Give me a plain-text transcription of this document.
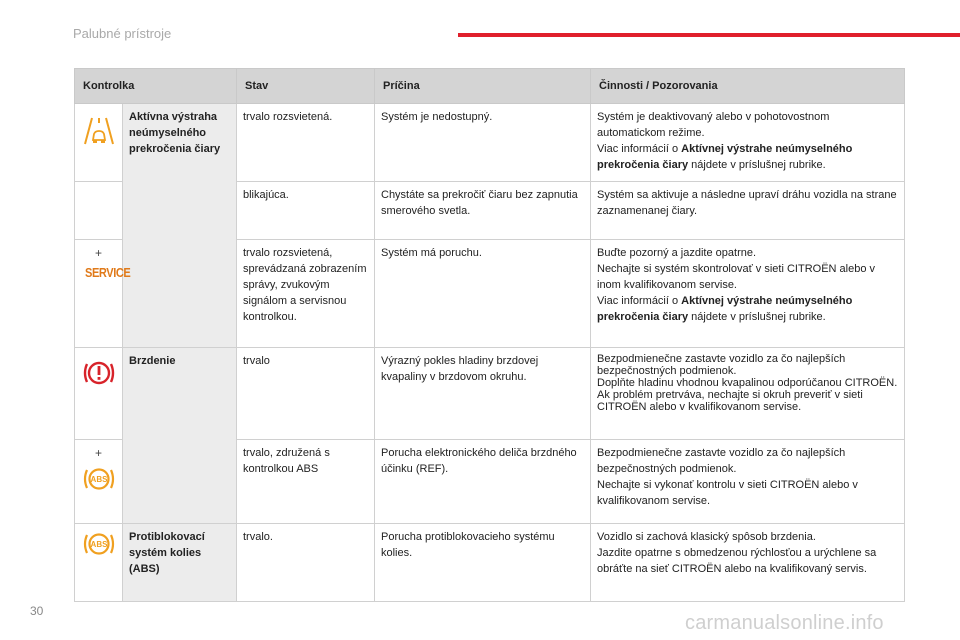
Palubné prístroje
Kontrolka		Stav	Príčina	Činnosti / Pozorovania
	Aktívna výstraha neúmyselného prekročenia čiary	trvalo rozsvietená.	Systém je nedostupný.	Systém je deaktivovaný alebo v pohotovostnom automatickom režime.
Viac informácií o Aktívnej výstrahe neúmyselného prekročenia čiary nájdete v príslušnej rubrike.

		blikajúca.	Chystáte sa prekročiť čiaru bez zapnutia smerového svetla.	Systém sa aktivuje a následne upraví dráhu vozidla na strane zaznamenanej čiary.

+
SERVICE		trvalo rozsvietená, sprevádzaná zobrazením správy, zvukovým signálom a servisnou kontrolkou.	Systém má poruchu.	Buďte pozorný a jazdite opatrne.
Nechajte si systém skontrolovať v sieti CITROËN alebo v inom kvalifikovanom servise.
Viac informácií o Aktívnej výstrahe neúmyselného prekročenia čiary nájdete v príslušnej rubrike.

	Brzdenie	trvalo	Výrazný pokles hladiny brzdovej kvapaliny v brzdovom okruhu.	Bezpodmienečne zastavte vozidlo za čo najlepších bezpečnostných podmienok.
Doplňte hladinu vhodnou kvapalinou odporúčanou CITROËN.
Ak problém pretrváva, nechajte si okruh preveriť v sieti CITROËN alebo v kvalifikovanom servise.

+
ABS		trvalo, združená s kontrolkou ABS	Porucha elektronického deliča brzdného účinku (REF).	Bezpodmienečne zastavte vozidlo za čo najlepších bezpečnostných podmienok.
Nechajte si vykonať kontrolu v sieti CITROËN alebo v kvalifikovanom servise.

ABS	Protiblokovací systém kolies (ABS)	trvalo.	Porucha protiblokovacieho systému kolies.	Vozidlo si zachová klasický spôsob brzdenia.
Jazdite opatrne s obmedzenou rýchlosťou a urýchlene sa obráťte na sieť CITROËN alebo na kvalifikovaný servis.
30
carmanualsonline.info
